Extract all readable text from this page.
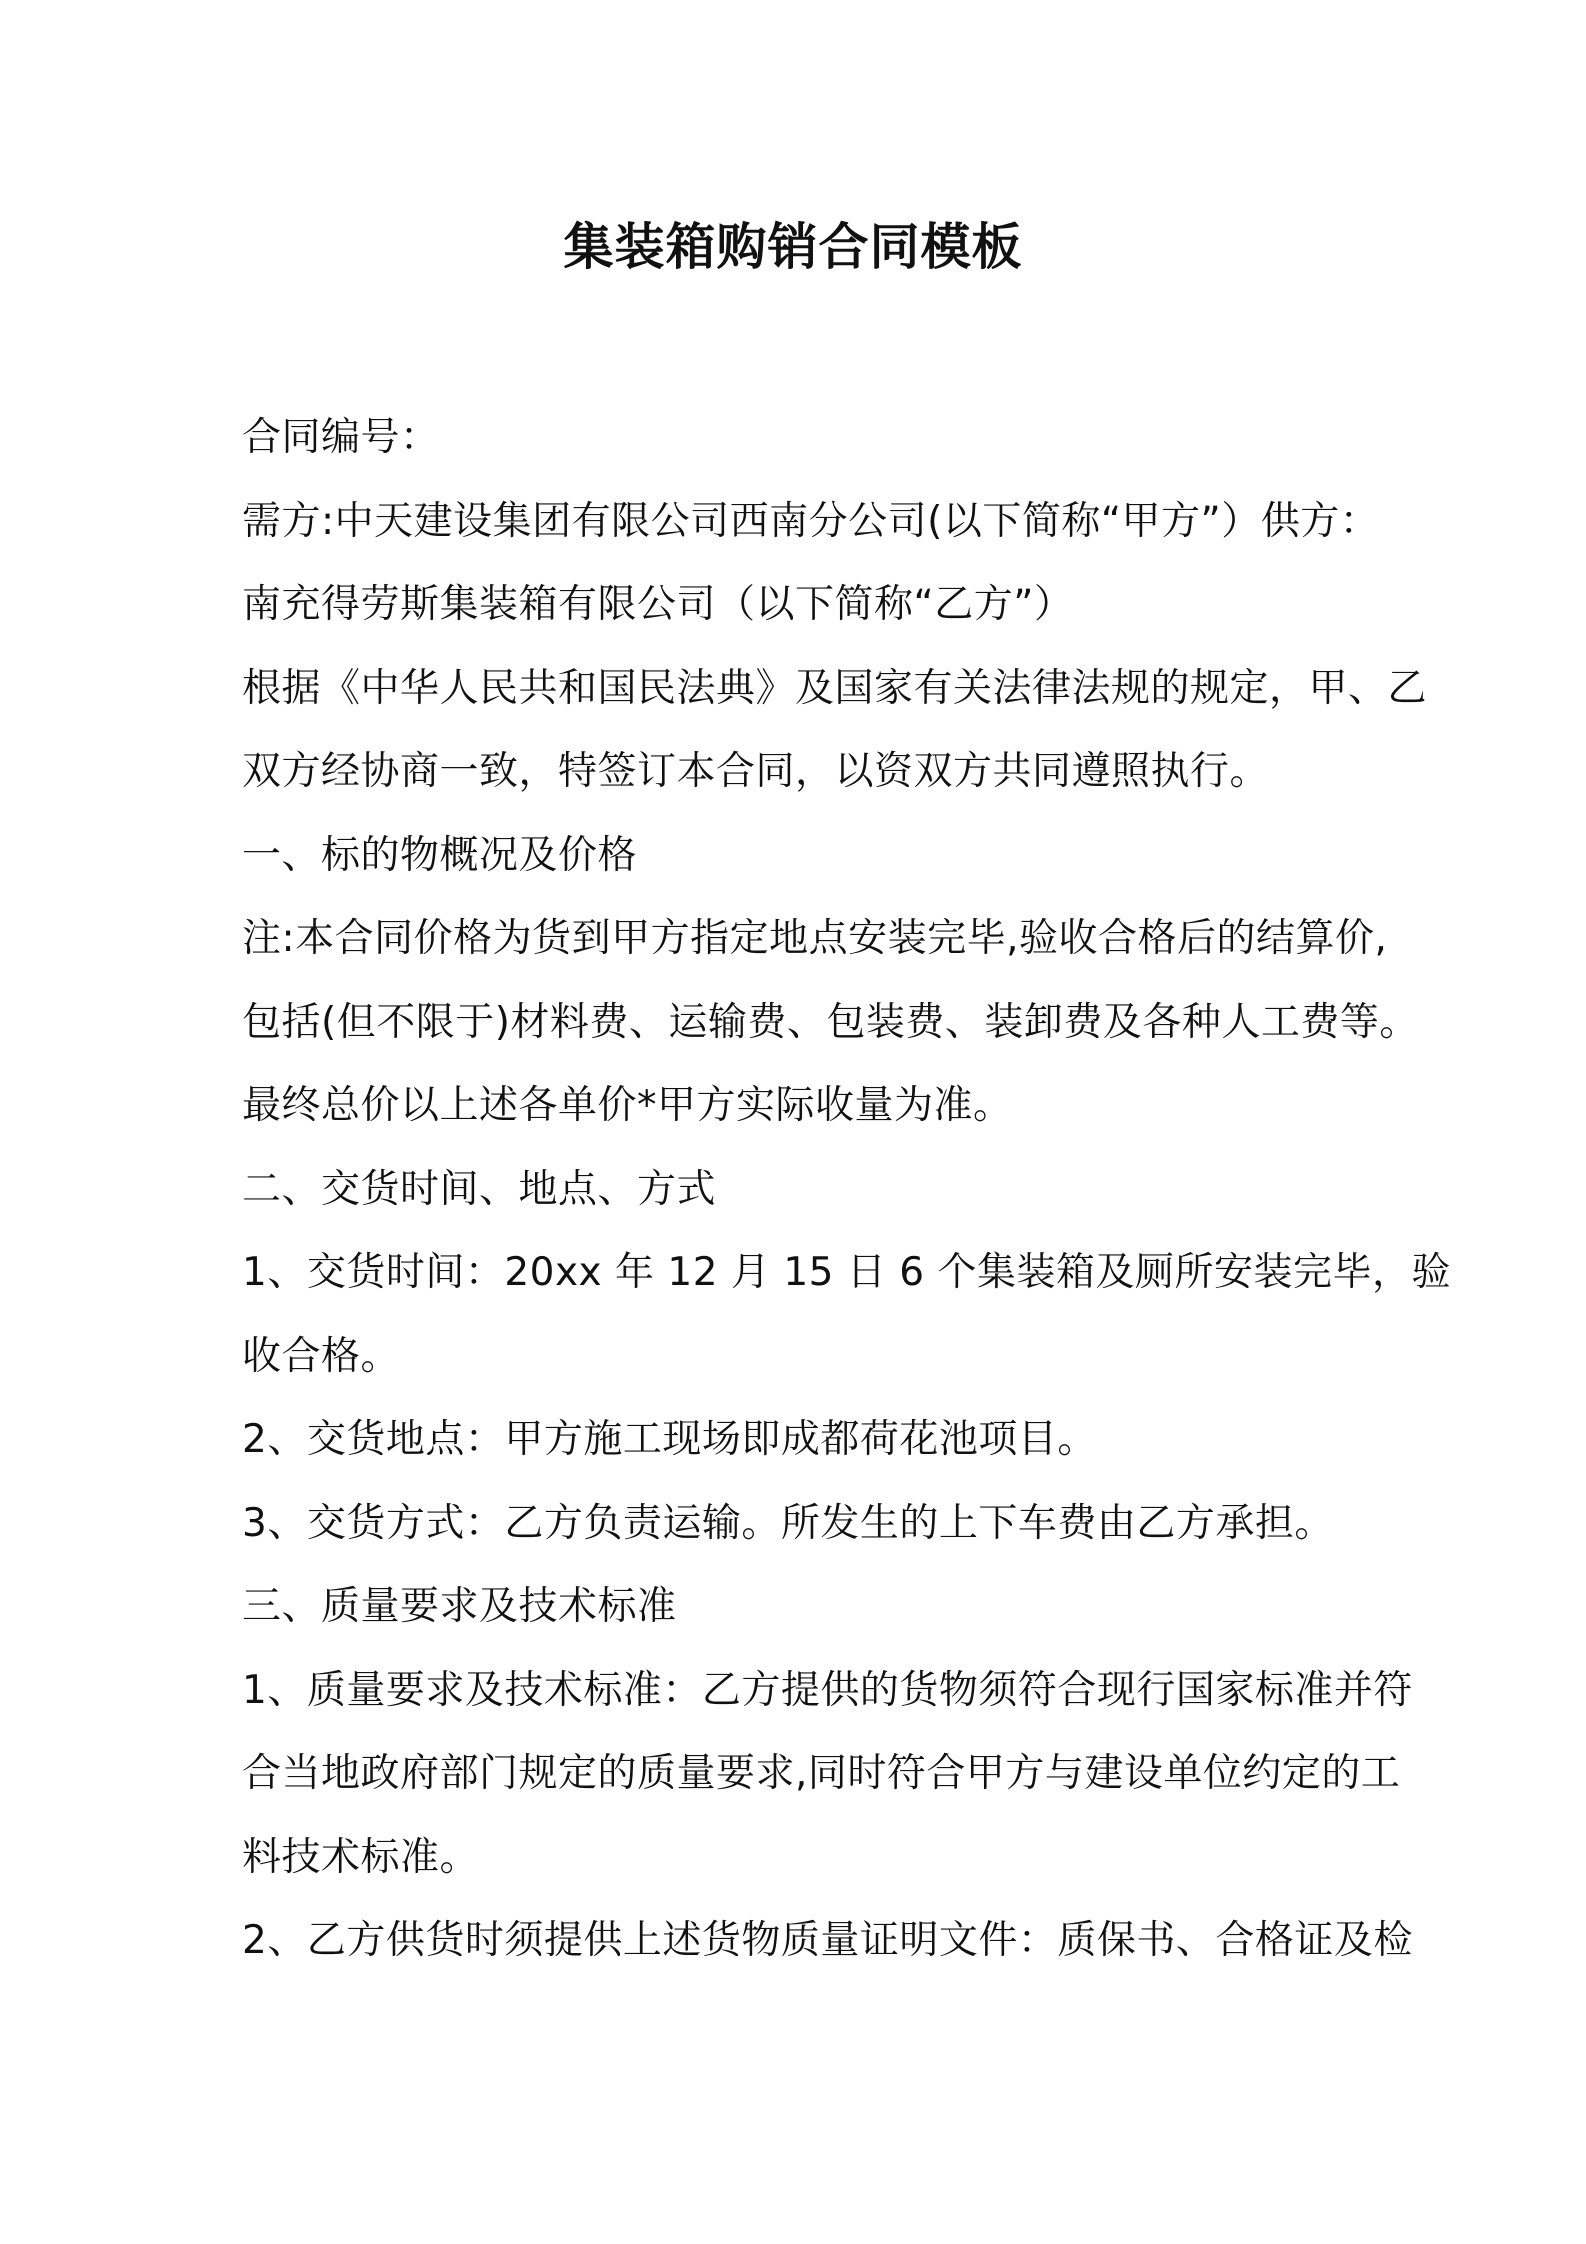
集装箱购销合同模板

合同编号：

需方:中天建设集团有限公司西南分公司(以下简称“甲方”）供方：

南充得劳斯集装箱有限公司（以下简称“乙方”）

根据《中华人民共和国民法典》及国家有关法律法规的规定，甲、乙

双方经协商一致，特签订本合同，以资双方共同遵照执行。

一、标的物概况及价格

注:本合同价格为货到甲方指定地点安装完毕,验收合格后的结算价,

包括(但不限于)材料费、运输费、包装费、装卸费及各种人工费等。

最终总价以上述各单价*甲方实际收量为准。

二、交货时间、地点、方式

1、交货时间：20xx 年 12 月 15 日 6 个集装箱及厕所安装完毕，验

收合格。

2、交货地点：甲方施工现场即成都荷花池项目。

3、交货方式：乙方负责运输。所发生的上下车费由乙方承担。

三、质量要求及技术标准

1、质量要求及技术标准：乙方提供的货物须符合现行国家标准并符

合当地政府部门规定的质量要求,同时符合甲方与建设单位约定的工

料技术标准。

2、乙方供货时须提供上述货物质量证明文件：质保书、合格证及检
